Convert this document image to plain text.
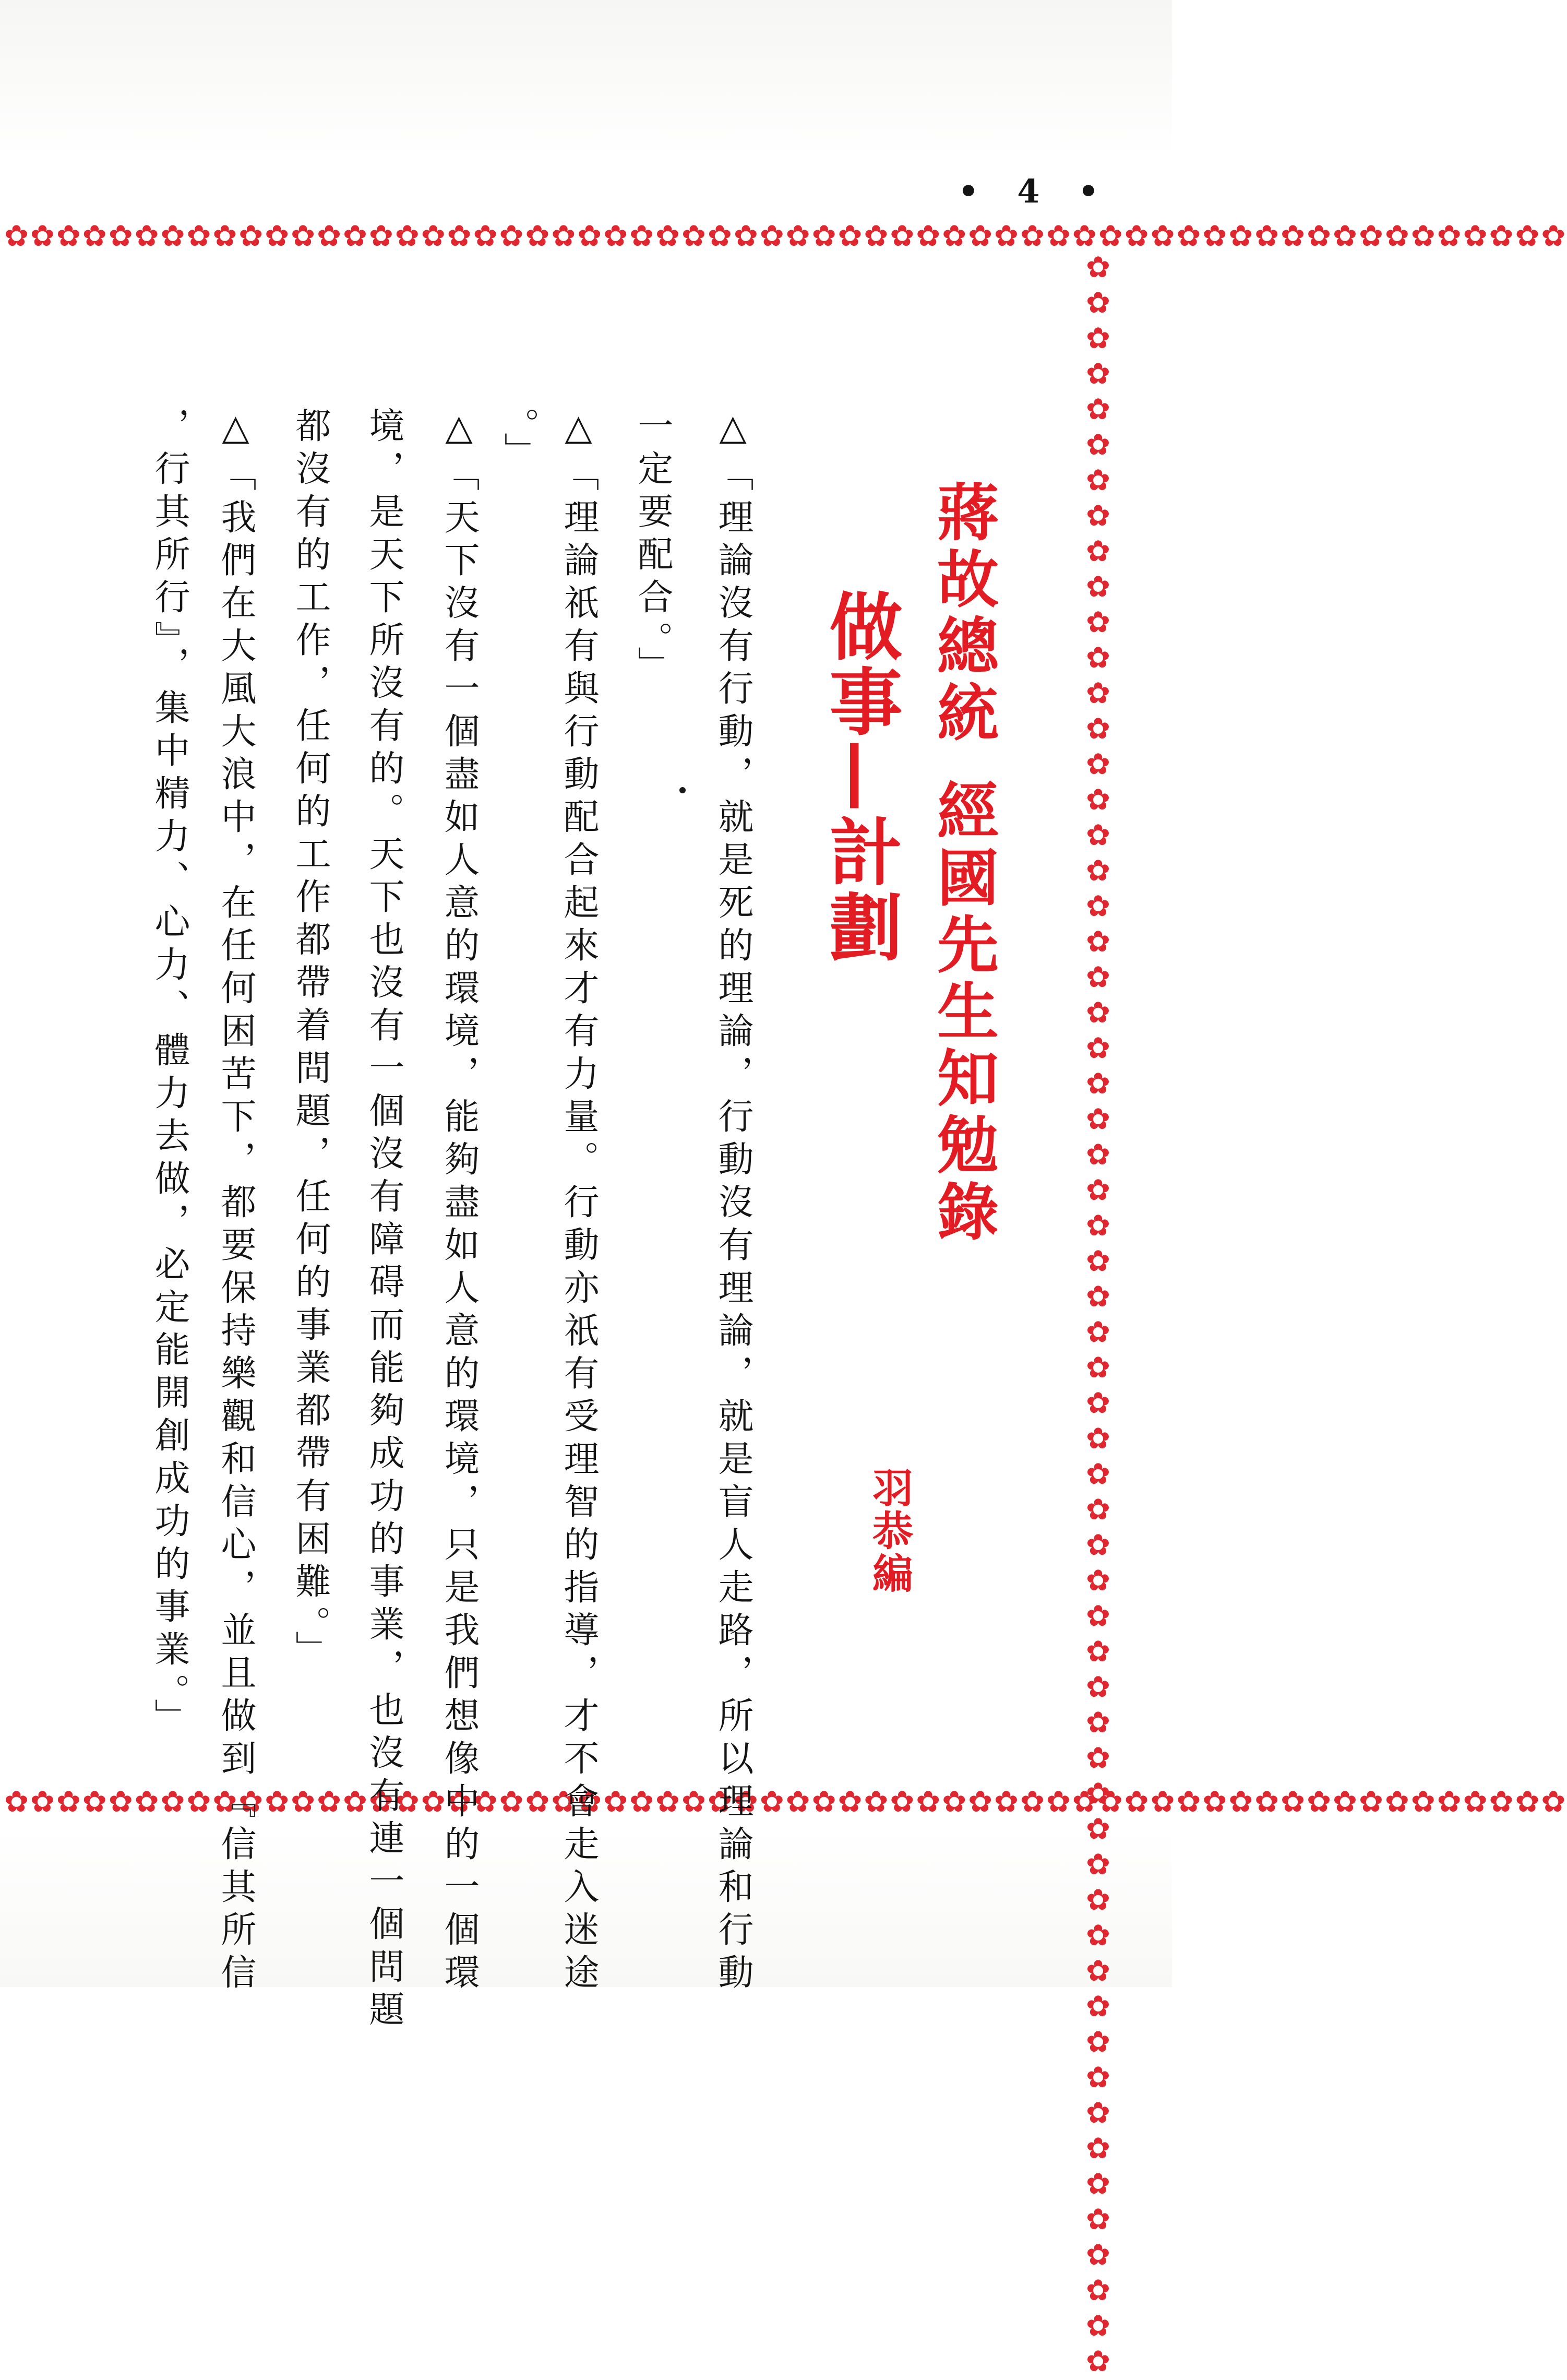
• 4 •
✿✿✿✿✿✿✿✿✿✿✿✿✿✿✿✿✿✿✿✿✿✿✿✿✿✿✿✿✿✿✿✿✿✿✿✿✿✿✿✿✿✿✿✿✿✿✿✿✿✿✿✿✿✿✿✿✿✿✿✿
✿✿✿✿✿✿✿✿✿✿✿✿✿✿✿✿✿✿✿✿✿✿✿✿✿✿✿✿✿✿✿✿✿✿✿✿✿✿✿✿✿✿✿✿✿✿✿✿✿✿✿✿✿✿✿✿✿✿✿✿
✿✿✿✿✿✿✿✿✿✿✿✿✿✿✿✿✿✿✿✿✿✿✿✿✿✿✿✿✿✿✿✿✿✿✿✿✿✿✿✿✿✿✿✿✿✿✿✿✿✿✿✿✿✿✿✿✿✿✿✿
蔣故總統經國先生知勉錄
做事—計劃
羽恭編
△「理論沒有行動，就是死的理論，行動沒有理論，就是盲人走路，所以理論和行動
一定要配合。」
△「理論祇有與行動配合起來才有力量。行動亦祇有受理智的指導，才不會走入迷途
。」
△「天下沒有一個盡如人意的環境，能夠盡如人意的環境，只是我們想像中的一個環
境，是天下所沒有的。天下也沒有一個沒有障碍而能夠成功的事業，也沒有連一個問題
都沒有的工作，任何的工作都帶着問題，任何的事業都帶有困難。」
△「我們在大風大浪中，在任何困苦下，都要保持樂觀和信心，並且做到『信其所信
，行其所行』，集中精力、心力、體力去做，必定能開創成功的事業。」
